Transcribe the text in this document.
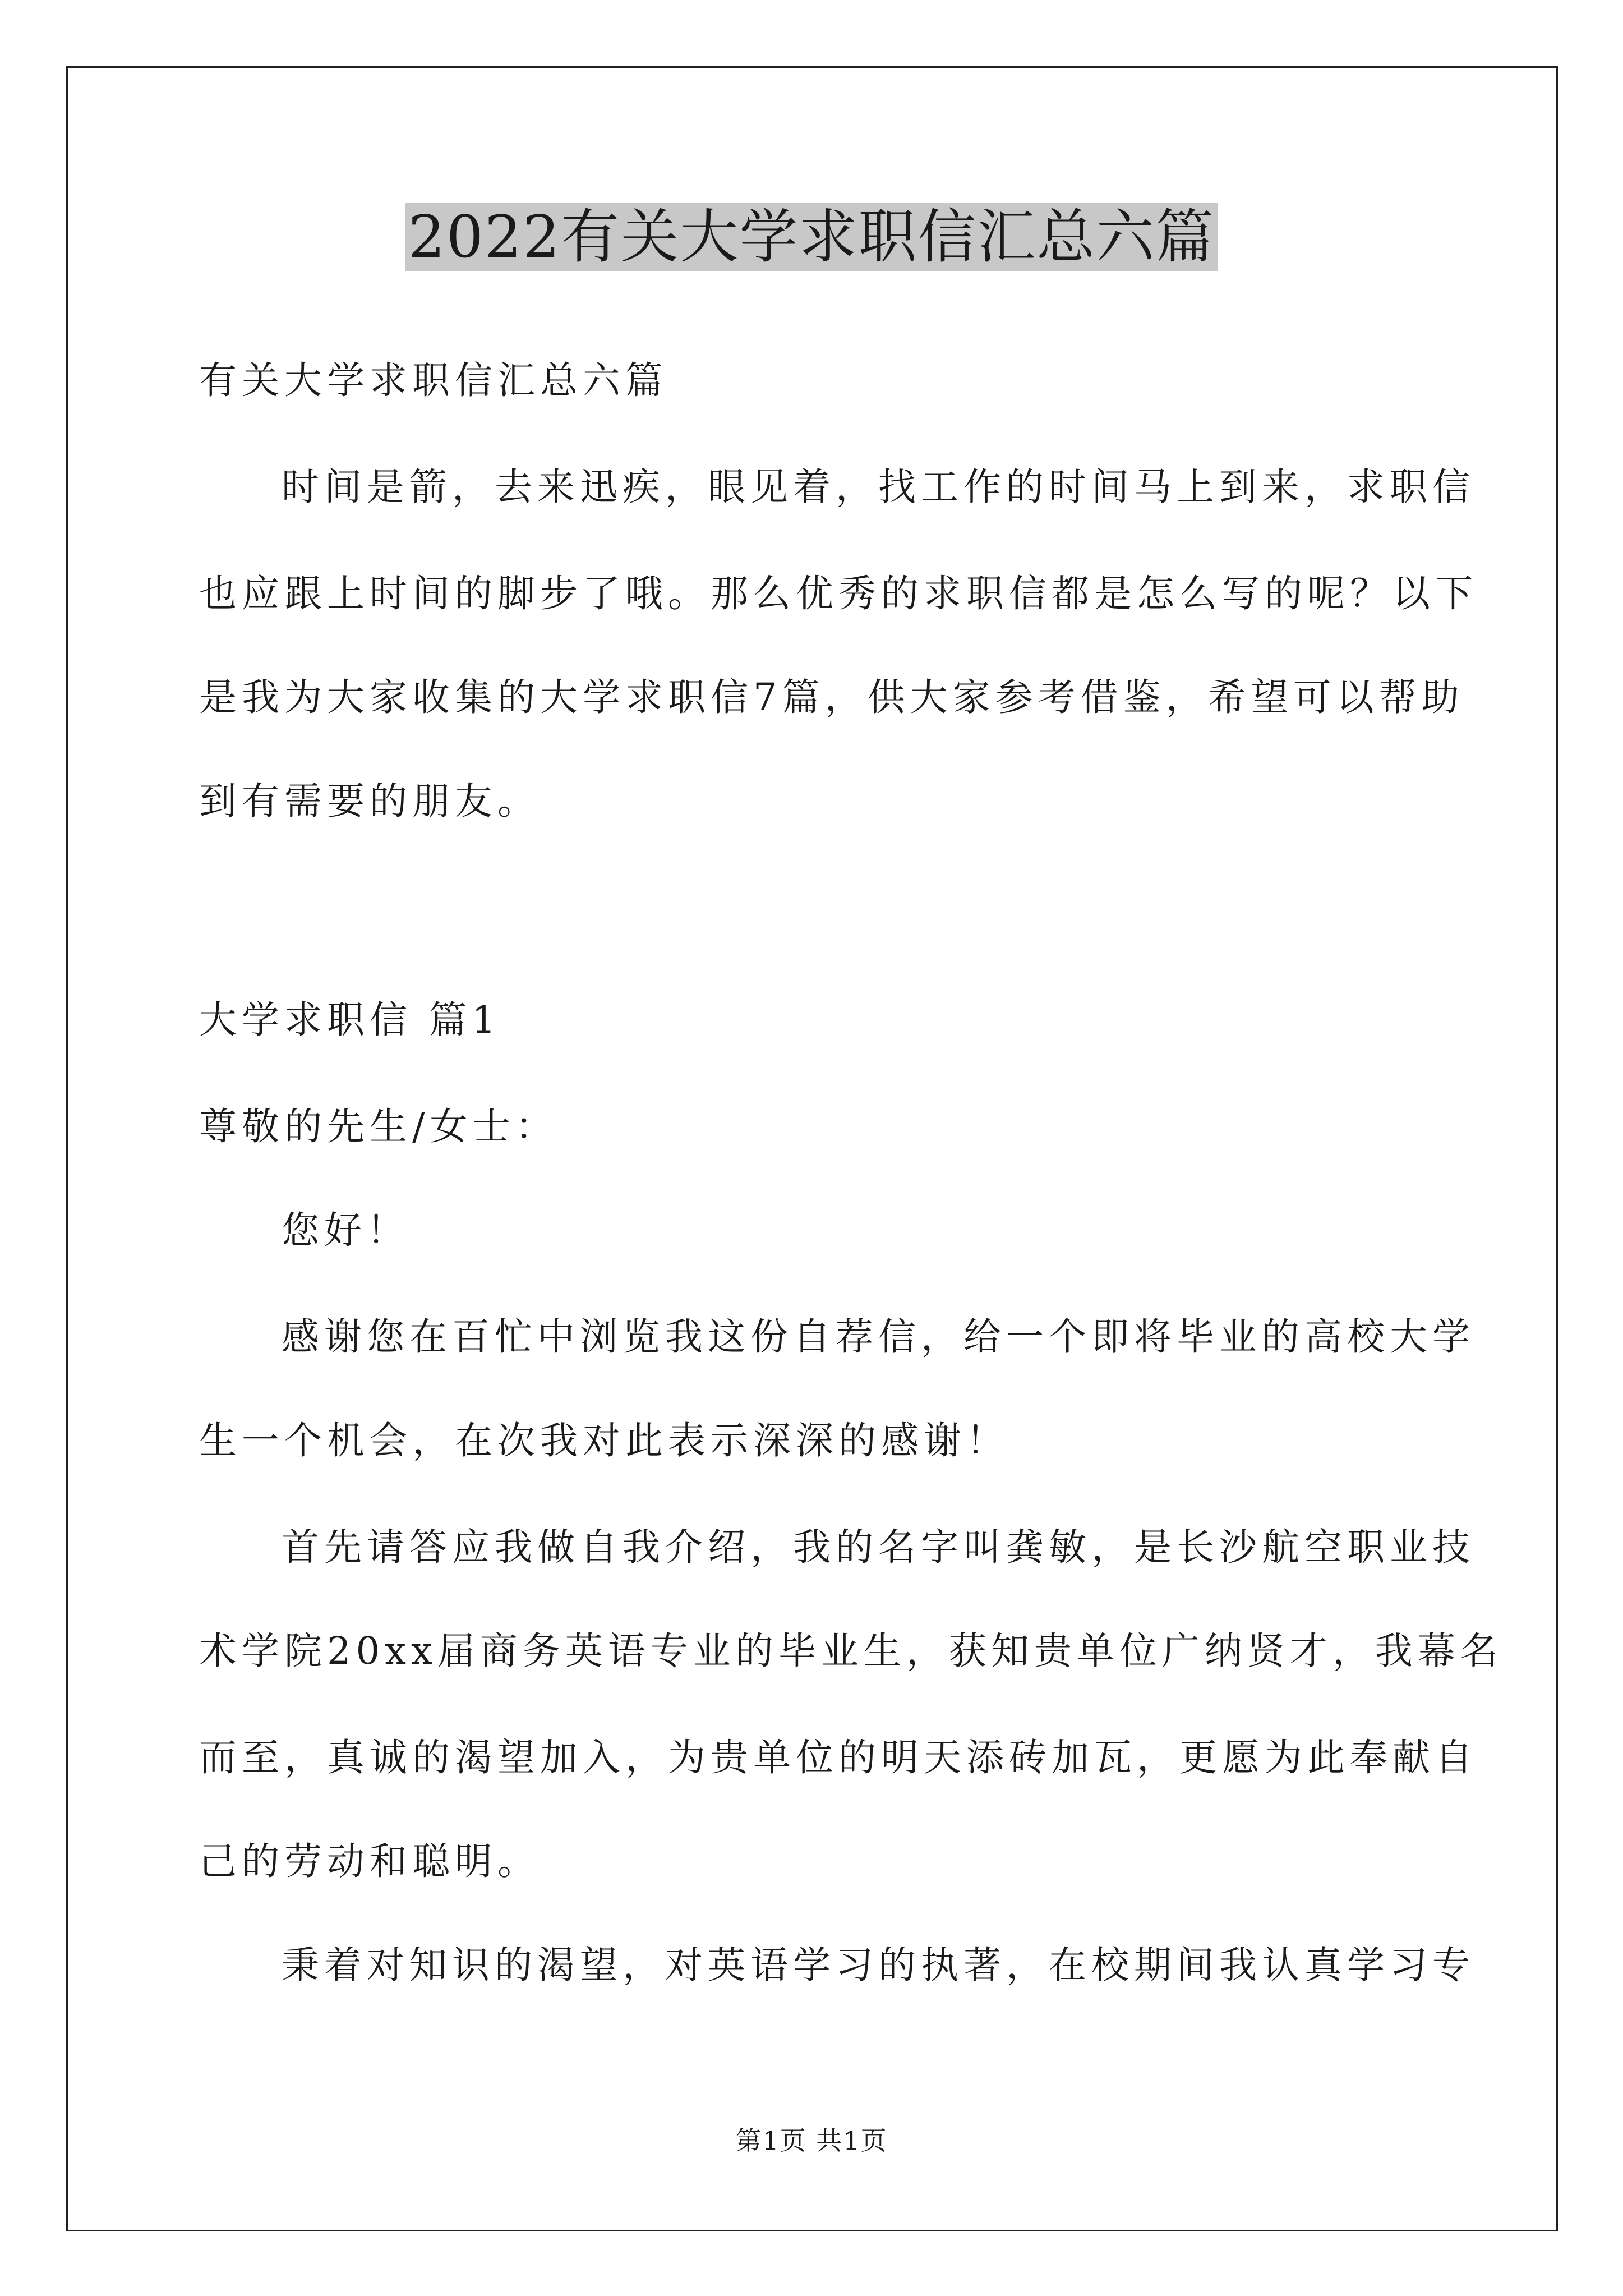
2022有关大学求职信汇总六篇
有关大学求职信汇总六篇
时间是箭，去来迅疾，眼见着，找工作的时间马上到来，求职信
也应跟上时间的脚步了哦。那么优秀的求职信都是怎么写的呢？以下
是我为大家收集的大学求职信7篇，供大家参考借鉴，希望可以帮助
到有需要的朋友。
大学求职信 篇1
尊敬的先生/女士：
您好！
感谢您在百忙中浏览我这份自荐信，给一个即将毕业的高校大学
生一个机会，在次我对此表示深深的感谢！
首先请答应我做自我介绍，我的名字叫龚敏，是长沙航空职业技
术学院20xx届商务英语专业的毕业生，获知贵单位广纳贤才，我幕名
而至，真诚的渴望加入，为贵单位的明天添砖加瓦，更愿为此奉献自
己的劳动和聪明。
秉着对知识的渴望，对英语学习的执著，在校期间我认真学习专
第1页 共1页
